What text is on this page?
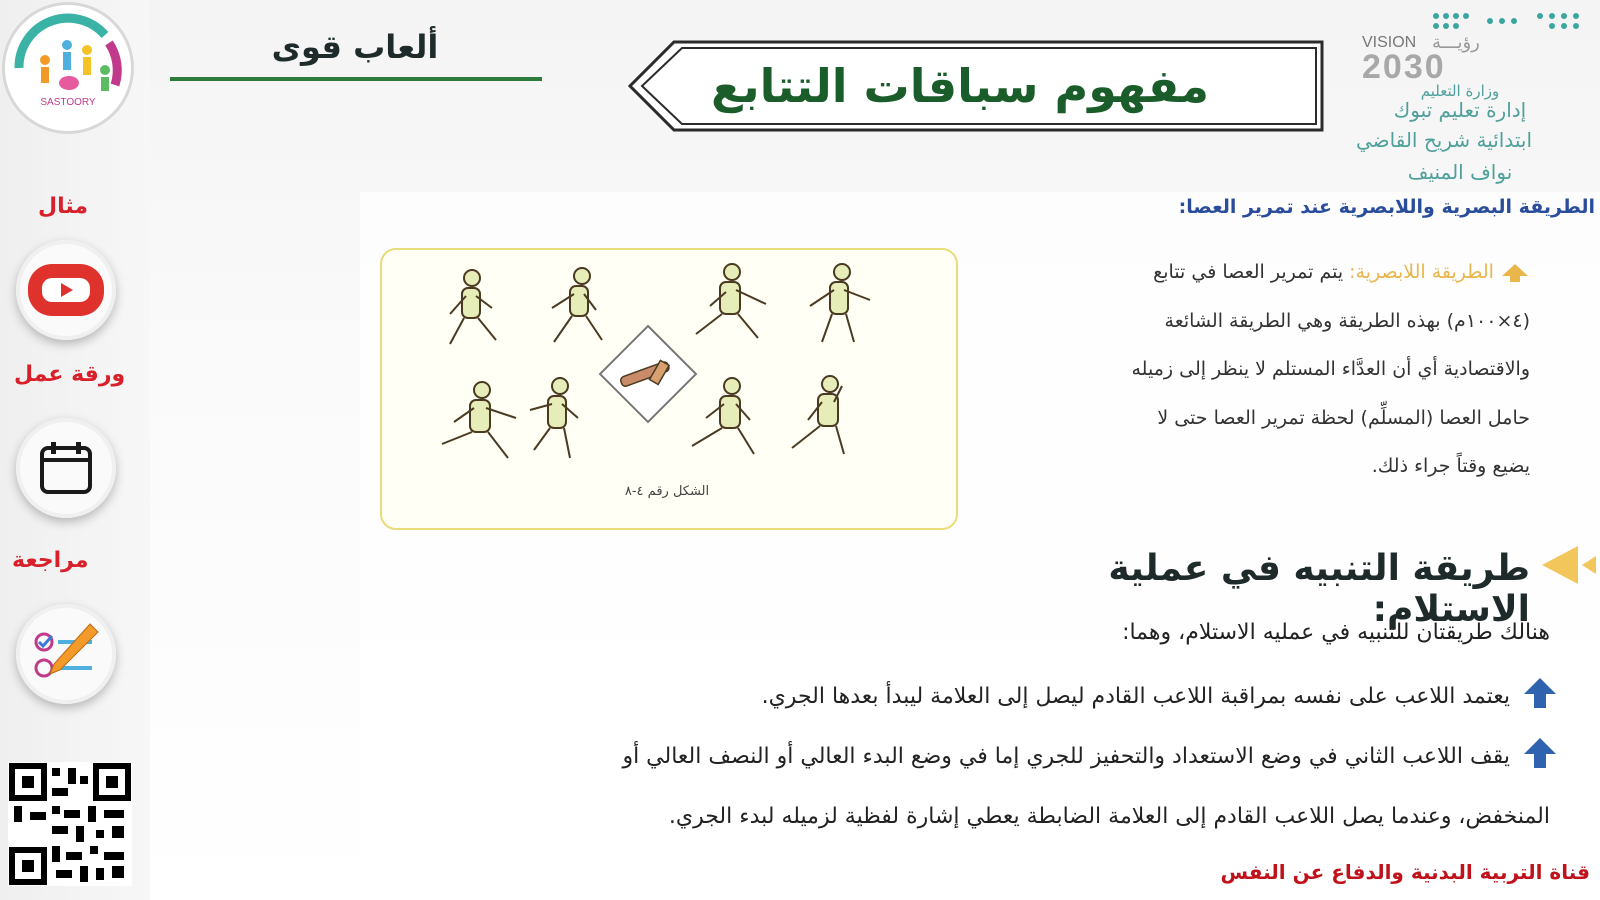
SASTOORY
مثال
ورقة عمل
مراجعة
ألعاب قوى
مفهوم سباقات التتابع
VISION رؤيـــة
2030
وزارة التعليم
إدارة تعليم تبوك
ابتدائية شريح القاضي
نواف المنيف
الطريقة البصرية واللابصرية عند تمرير العصا:
الشكل رقم ٤-٨
الطريقة اللابصرية: يتم تمرير العصا في تتابع
(٤×١٠٠م) بهذه الطريقة وهي الطريقة الشائعة
والاقتصادية أي أن العدَّاء المستلم لا ينظر إلى زميله
حامل العصا (المسلِّم) لحظة تمرير العصا حتى لا
يضيع وقتاً جراء ذلك.
طريقة التنبيه في عملية الاستلام:
هنالك طريقتان للتنبيه في عمليه الاستلام، وهما:
يعتمد اللاعب على نفسه بمراقبة اللاعب القادم ليصل إلى العلامة ليبدأ بعدها الجري.
يقف اللاعب الثاني في وضع الاستعداد والتحفيز للجري إما في وضع البدء العالي أو النصف العالي أو
المنخفض، وعندما يصل اللاعب القادم إلى العلامة الضابطة يعطي إشارة لفظية لزميله لبدء الجري.
قناة التربية البدنية والدفاع عن النفس
